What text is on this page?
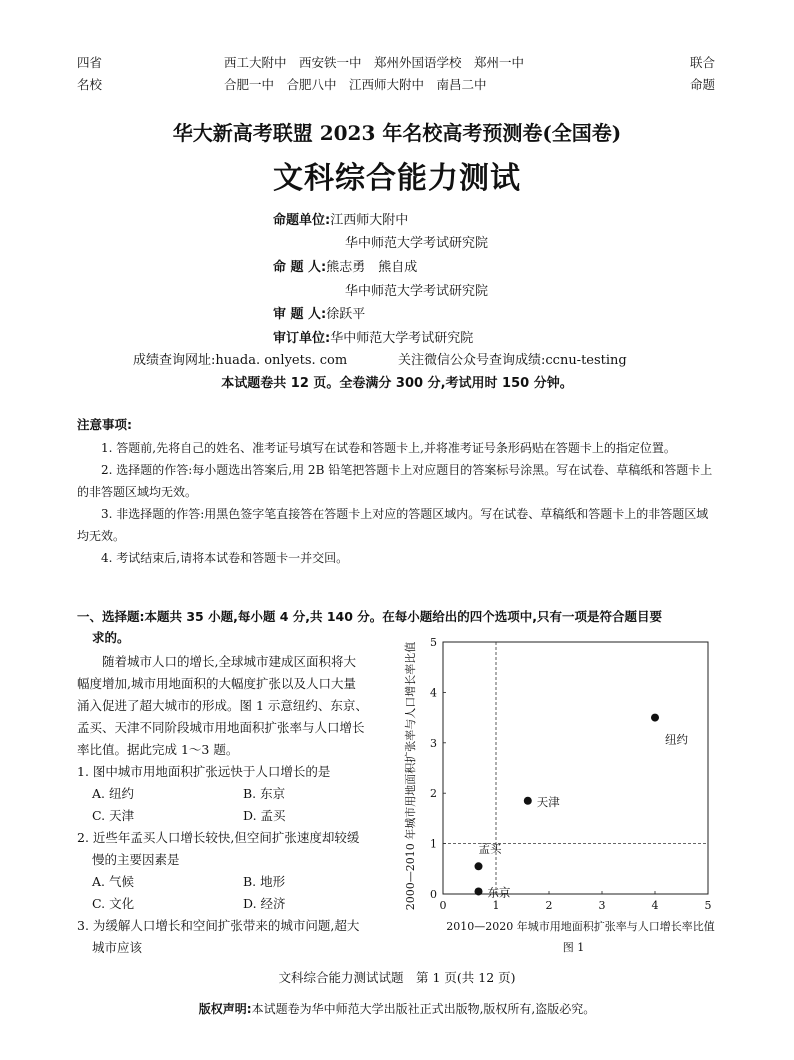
四省
名校
西工大附中　西安铁一中　郑州外国语学校　郑州一中
合肥一中　合肥八中　江西师大附中　南昌二中
联合
命题
华大新高考联盟 2023 年名校高考预测卷(全国卷)
文科综合能力测试
命题单位:江西师大附中
华中师范大学考试研究院
命 题 人:熊志勇　熊自成
华中师范大学考试研究院
审 题 人:徐跃平
审订单位:华中师范大学考试研究院
成绩查询网址:huada. onlyets. com	关注微信公众号查询成绩:ccnu-testing
本试题卷共 12 页。全卷满分 300 分,考试用时 150 分钟。
注意事项:

1. 答题前,先将自己的姓名、准考证号填写在试卷和答题卡上,并将准考证号条形码贴在答题卡上的指定位置。

2. 选择题的作答:每小题选出答案后,用 2B 铅笔把答题卡上对应题目的答案标号涂黑。写在试卷、草稿纸和答题卡上的非答题区域均无效。

3. 非选择题的作答:用黑色签字笔直接答在答题卡上对应的答题区域内。写在试卷、草稿纸和答题卡上的非答题区域均无效。

4. 考试结束后,请将本试卷和答题卡一并交回。

一、选择题:本题共 35 小题,每小题 4 分,共 140 分。在每小题给出的四个选项中,只有一项是符合题目要
求的。
随着城市人口的增长,全球城市建成区面积将大
幅度增加,城市用地面积的大幅度扩张以及人口大量
涌入促进了超大城市的形成。图 1 示意纽约、东京、
孟买、天津不同阶段城市用地面积扩张率与人口增长
率比值。据此完成 1～3 题。
1. 图中城市用地面积扩张远快于人口增长的是
A. 纽约	B. 东京
C. 天津	D. 孟买
2. 近些年孟买人口增长较快,但空间扩张速度却较缓
慢的主要因素是
A. 气候	B. 地形
C. 文化	D. 经济
3. 为缓解人口增长和空间扩张带来的城市问题,超大
城市应该
0	1	2	3	4	5
0
1
2
3
4
5
纽约
天津
孟买
东京
2010—2020 年城市用地面积扩张率与人口增长率比值
2000—2010 年城市用地面积扩张率与人口增长率比值
图 1
文科综合能力测试试题　第 1 页(共 12 页)
版权声明:本试题卷为华中师范大学出版社正式出版物,版权所有,盗版必究。
